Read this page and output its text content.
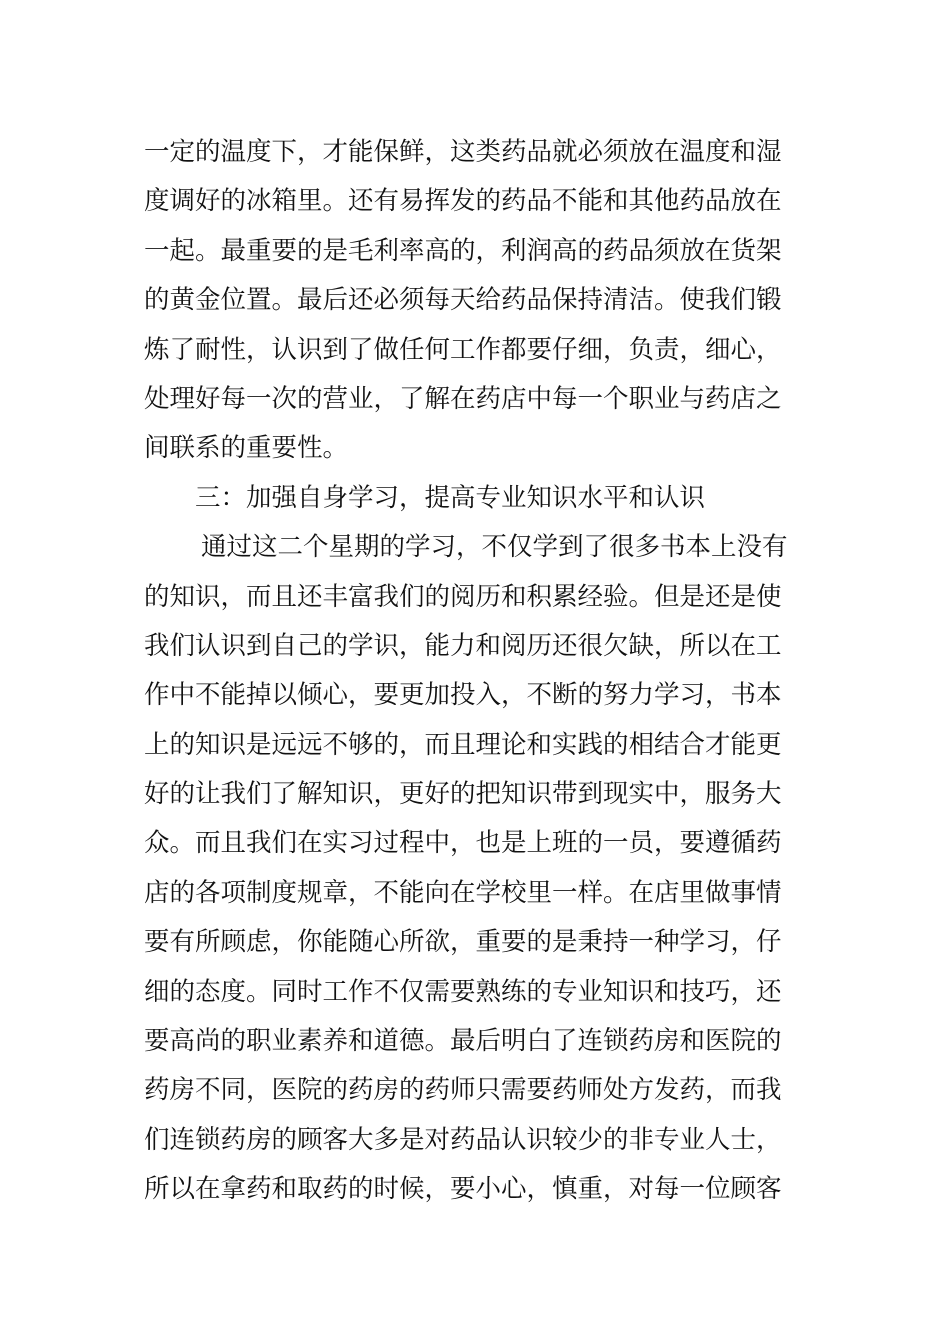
一定的温度下，才能保鲜，这类药品就必须放在温度和湿
度调好的冰箱里。还有易挥发的药品不能和其他药品放在
一起。最重要的是毛利率高的，利润高的药品须放在货架
的黄金位置。最后还必须每天给药品保持清洁。使我们锻
炼了耐性，认识到了做任何工作都要仔细，负责，细心，
处理好每一次的营业，了解在药店中每一个职业与药店之
间联系的重要性。
三：加强自身学习，提高专业知识水平和认识
通过这二个星期的学习，不仅学到了很多书本上没有
的知识，而且还丰富我们的阅历和积累经验。但是还是使
我们认识到自己的学识，能力和阅历还很欠缺，所以在工
作中不能掉以倾心，要更加投入，不断的努力学习，书本
上的知识是远远不够的，而且理论和实践的相结合才能更
好的让我们了解知识，更好的把知识带到现实中，服务大
众。而且我们在实习过程中，也是上班的一员，要遵循药
店的各项制度规章，不能向在学校里一样。在店里做事情
要有所顾虑，你能随心所欲，重要的是秉持一种学习，仔
细的态度。同时工作不仅需要熟练的专业知识和技巧，还
要高尚的职业素养和道德。最后明白了连锁药房和医院的
药房不同，医院的药房的药师只需要药师处方发药，而我
们连锁药房的顾客大多是对药品认识较少的非专业人士，
所以在拿药和取药的时候，要小心，慎重，对每一位顾客
